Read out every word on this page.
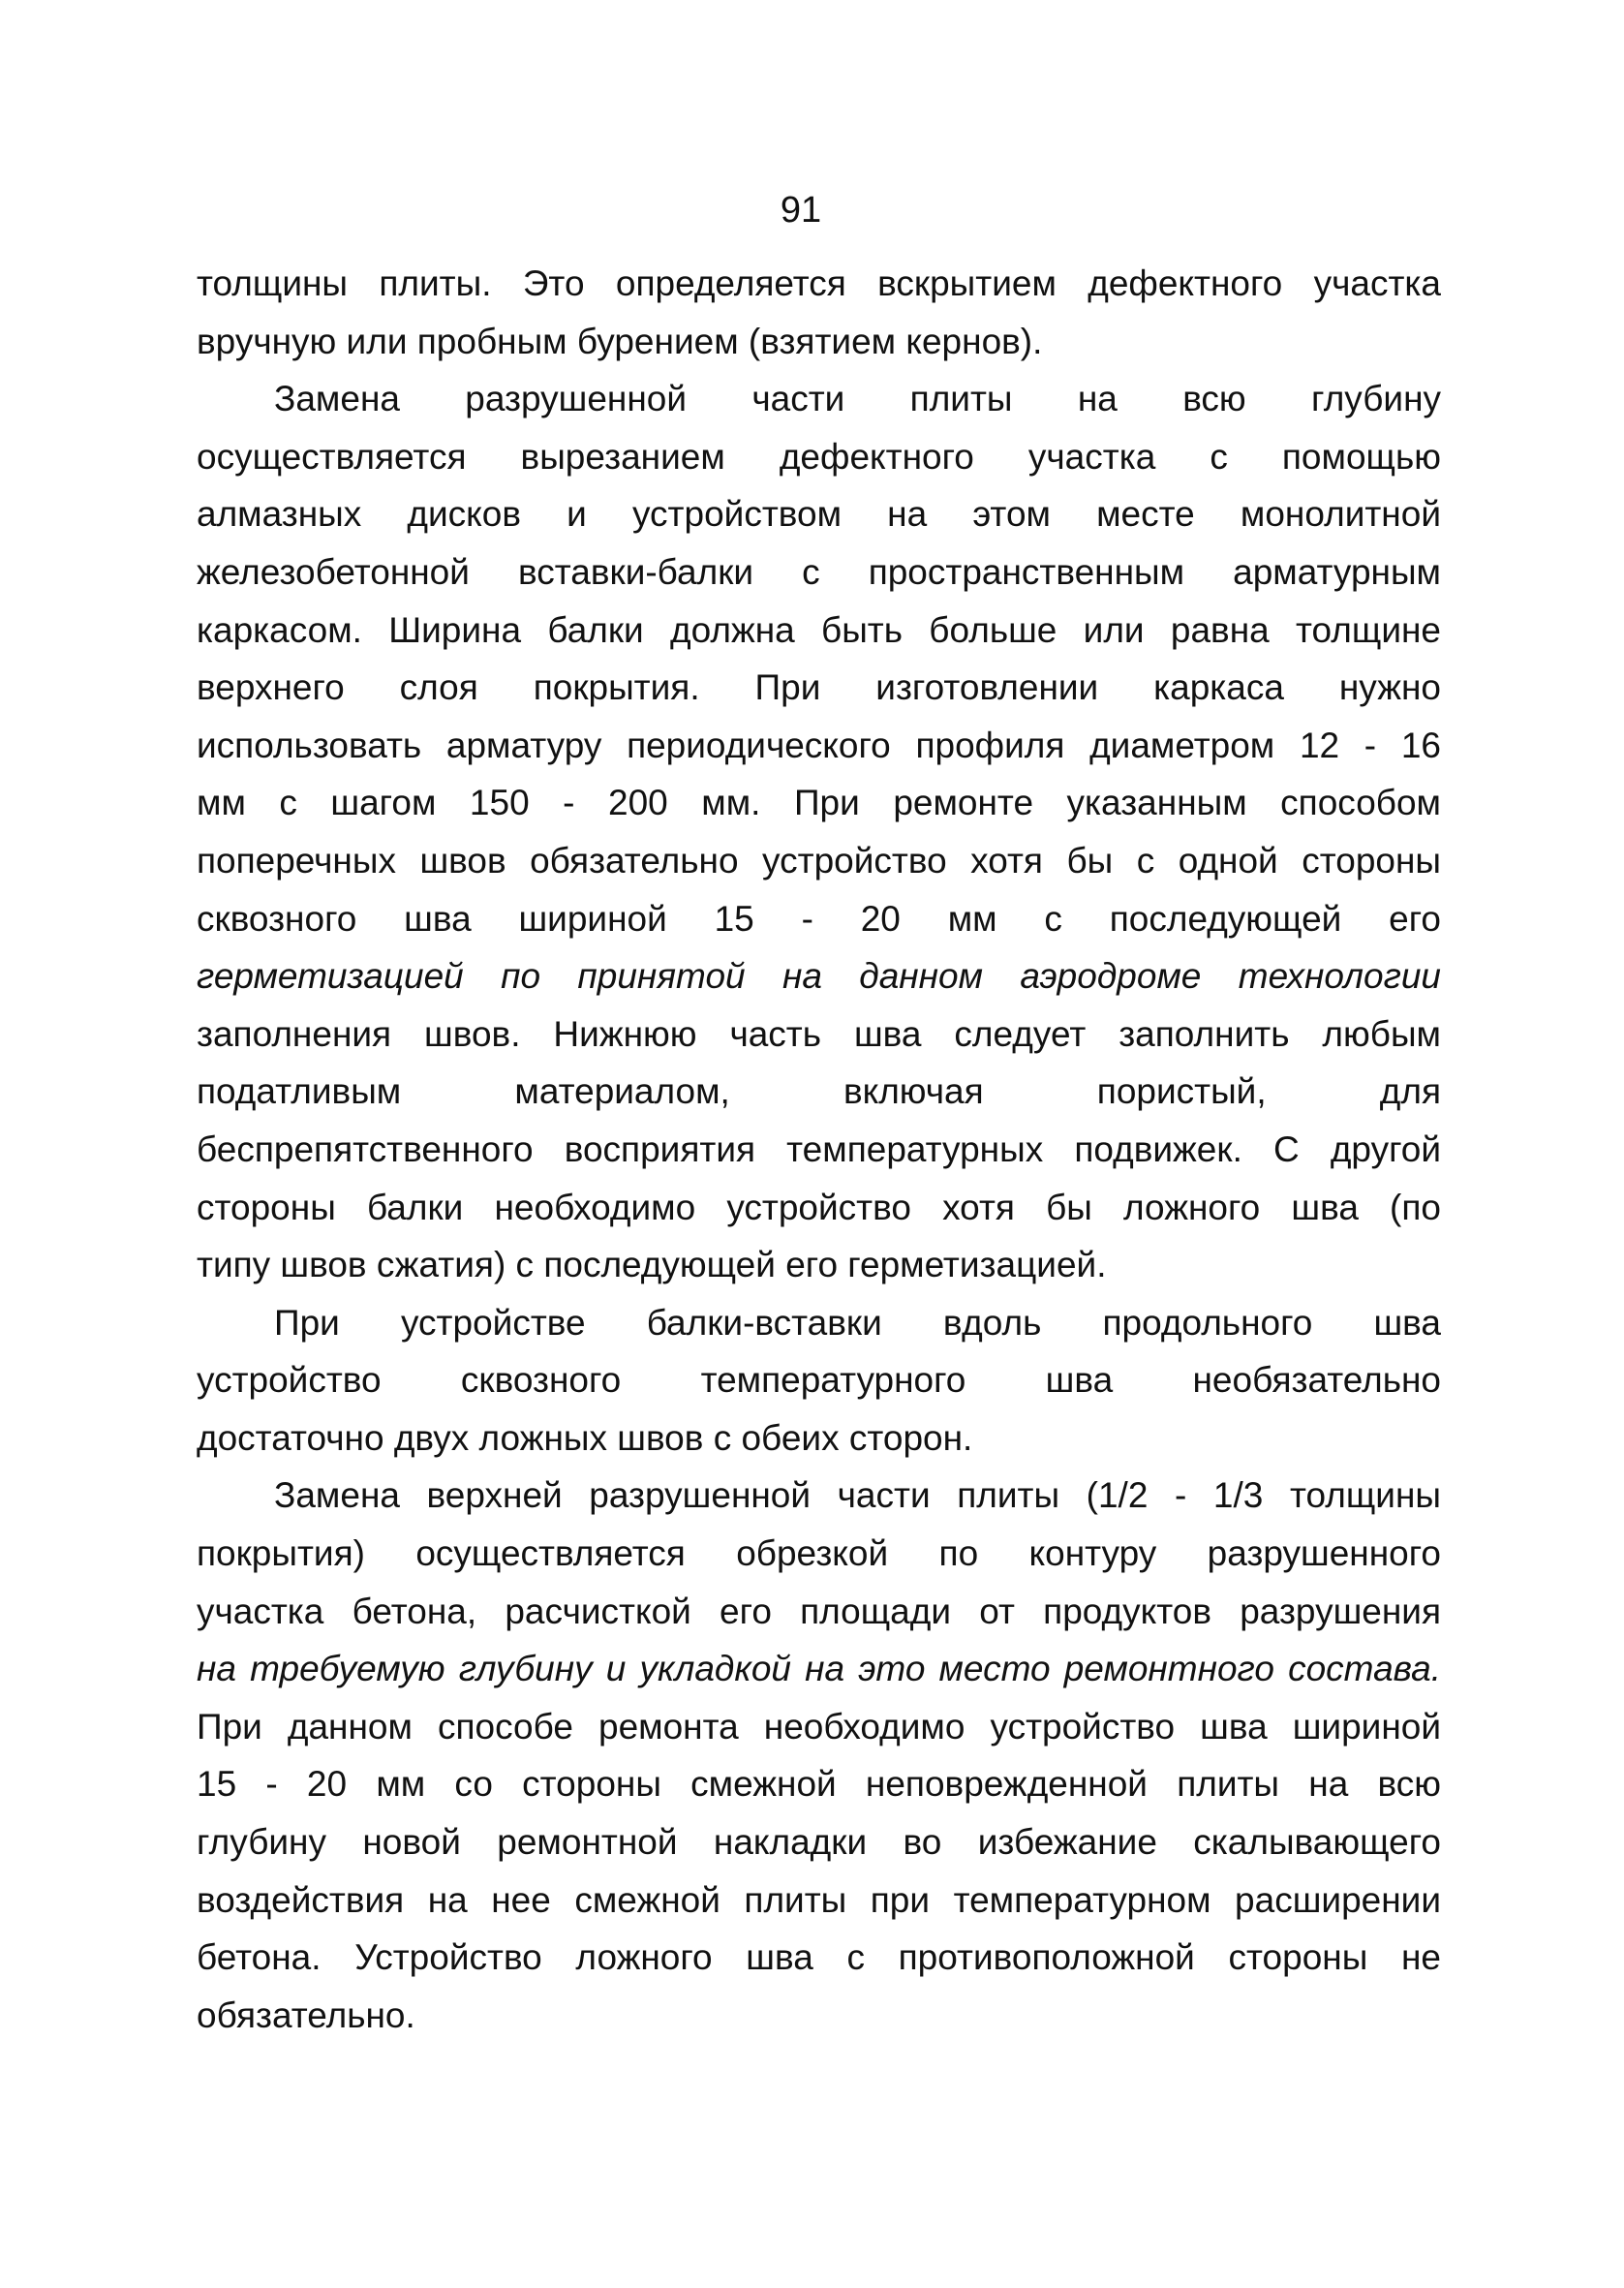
91
толщины плиты. Это определяется вскрытием дефектного участка
вручную или пробным бурением (взятием кернов).
Замена разрушенной части плиты на всю глубину
осуществляется вырезанием дефектного участка с помощью
алмазных дисков и устройством на этом месте монолитной
железобетонной вставки-балки с пространственным арматурным
каркасом. Ширина балки должна быть больше или равна толщине
верхнего слоя покрытия. При изготовлении каркаса нужно
использовать арматуру периодического профиля диаметром 12 - 16
мм с шагом 150 - 200 мм. При ремонте указанным способом
поперечных швов обязательно устройство хотя бы с одной стороны
сквозного шва шириной 15 - 20 мм с последующей его
герметизацией по принятой на данном аэродроме технологии
заполнения швов. Нижнюю часть шва следует заполнить любым
податливым материалом, включая пористый, для
беспрепятственного восприятия температурных подвижек. С другой
стороны балки необходимо устройство хотя бы ложного шва (по
типу швов сжатия) с последующей его герметизацией.
При устройстве балки-вставки вдоль продольного шва
устройство сквозного температурного шва необязательно
достаточно двух ложных швов с обеих сторон.
Замена верхней разрушенной части плиты (1/2 - 1/3 толщины
покрытия) осуществляется обрезкой по контуру разрушенного
участка бетона, расчисткой его площади от продуктов разрушения
на требуемую глубину и укладкой на это место ремонтного состава.
При данном способе ремонта необходимо устройство шва шириной
15 - 20 мм со стороны смежной неповрежденной плиты на всю
глубину новой ремонтной накладки во избежание скалывающего
воздействия на нее смежной плиты при температурном расширении
бетона. Устройство ложного шва с противоположной стороны не
обязательно.
